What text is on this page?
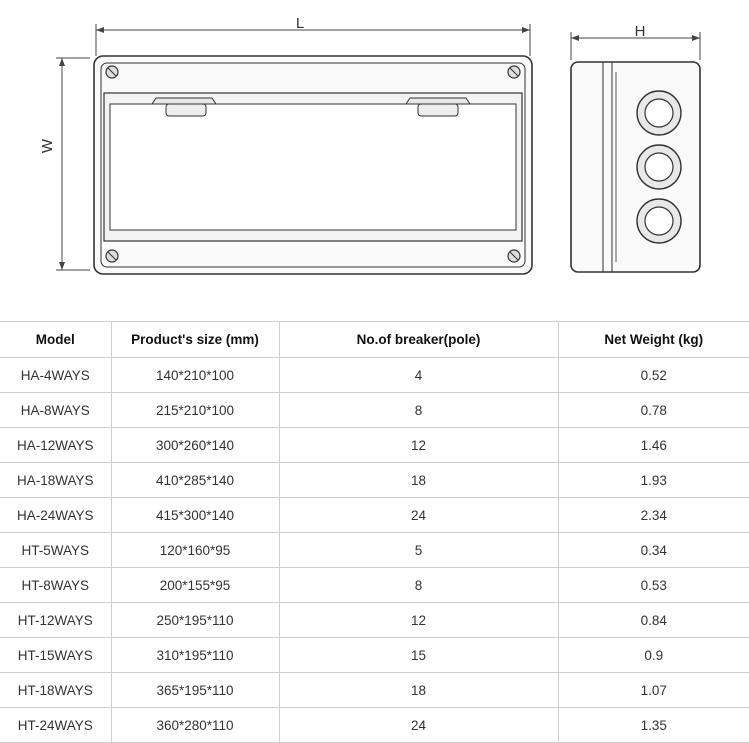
L
W
H
Model	Product's size (mm)	No.of breaker(pole)	Net Weight (kg)
HA-4WAYS	140*210*100	4	0.52
HA-8WAYS	215*210*100	8	0.78
HA-12WAYS	300*260*140	12	1.46
HA-18WAYS	410*285*140	18	1.93
HA-24WAYS	415*300*140	24	2.34
HT-5WAYS	120*160*95	5	0.34
HT-8WAYS	200*155*95	8	0.53
HT-12WAYS	250*195*110	12	0.84
HT-15WAYS	310*195*110	15	0.9
HT-18WAYS	365*195*110	18	1.07
HT-24WAYS	360*280*110	24	1.35
